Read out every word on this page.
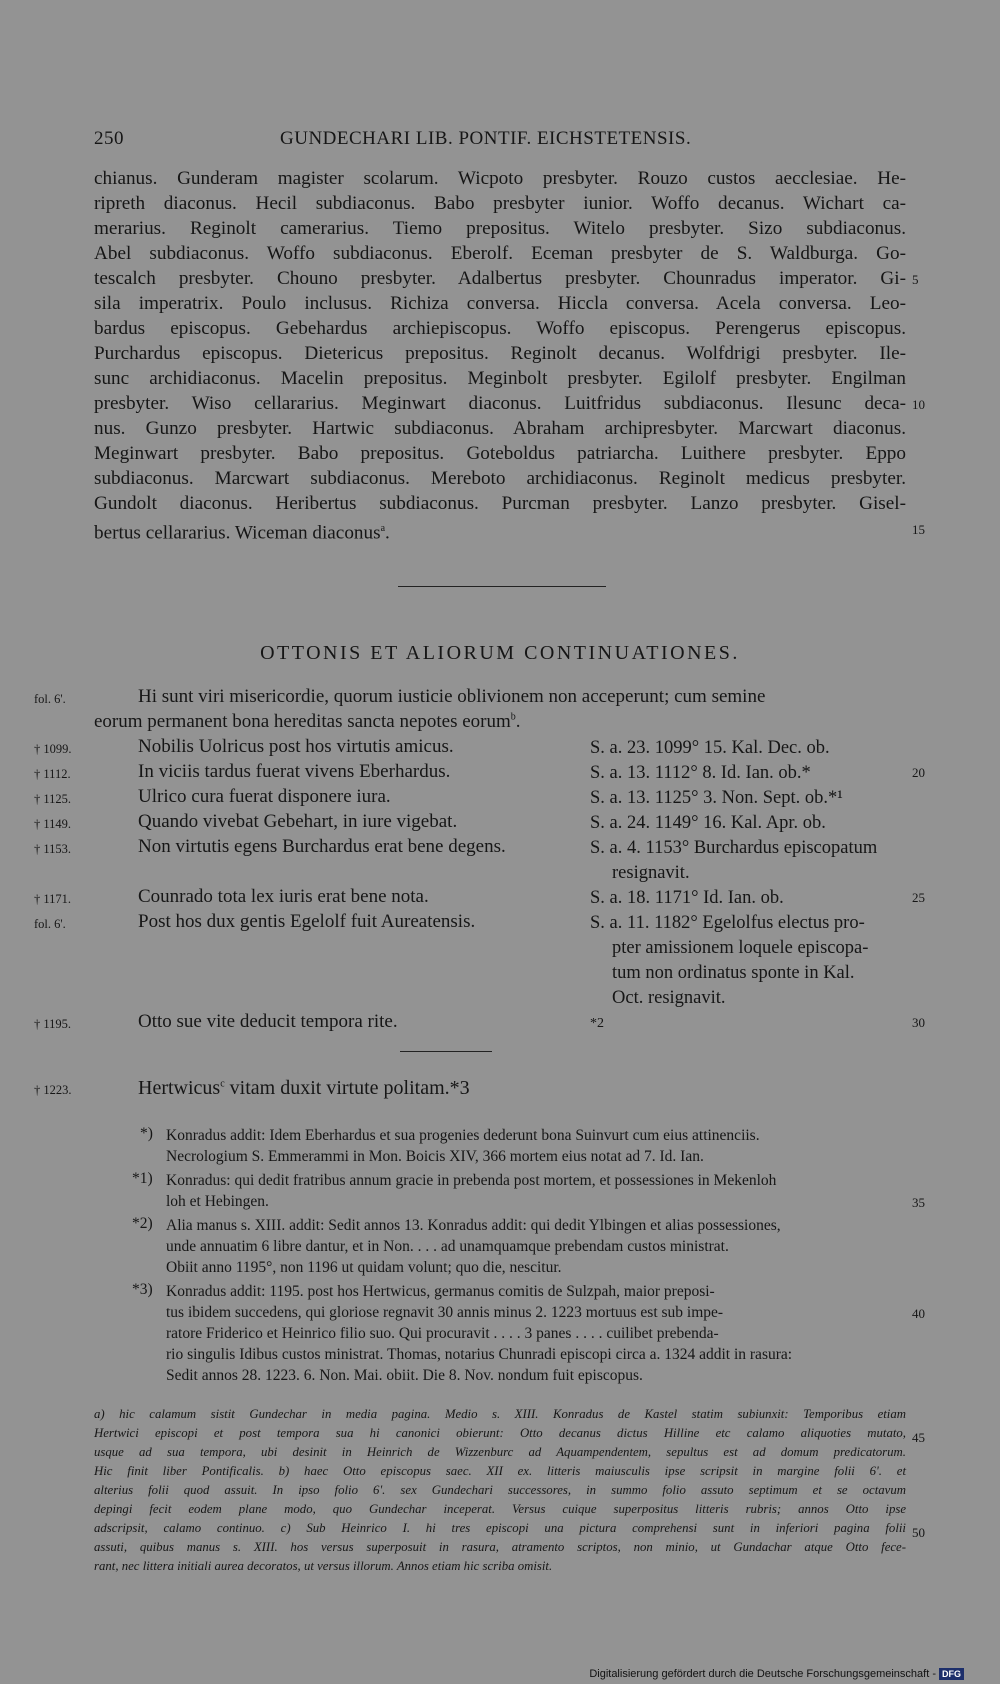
250	GUNDECHARI LIB. PONTIF. EICHSTETENSIS.
chianus. Gunderam magister scolarum. Wicpoto presbyter. Rouzo custos aecclesiae. He-
ripreth diaconus. Hecil subdiaconus. Babo presbyter iunior. Woffo decanus. Wichart ca-
merarius. Reginolt camerarius. Tiemo prepositus. Witelo presbyter. Sizo subdiaconus.
Abel subdiaconus. Woffo subdiaconus. Eberolf. Eceman presbyter de S. Waldburga. Go-
tescalch presbyter. Chouno presbyter. Adalbertus presbyter. Chounradus imperator. Gi-
sila imperatrix. Poulo inclusus. Richiza conversa. Hiccla conversa. Acela conversa. Leo-
bardus episcopus. Gebehardus archiepiscopus. Woffo episcopus. Perengerus episcopus.
Purchardus episcopus. Dietericus prepositus. Reginolt decanus. Wolfdrigi presbyter. Ile-
sunc archidiaconus. Macelin prepositus. Meginbolt presbyter. Egilolf presbyter. Engilman
presbyter. Wiso cellararius. Meginwart diaconus. Luitfridus subdiaconus. Ilesunc deca-
nus. Gunzo presbyter. Hartwic subdiaconus. Abraham archipresbyter. Marcwart diaconus.
Meginwart presbyter. Babo prepositus. Goteboldus patriarcha. Luithere presbyter. Eppo
subdiaconus. Marcwart subdiaconus. Mereboto archidiaconus. Reginolt medicus presbyter.
Gundolt diaconus. Heribertus subdiaconus. Purcman presbyter. Lanzo presbyter. Gisel-
bertus cellararius. Wiceman diaconus$^a$.
5
10
15
OTTONIS ET ALIORUM CONTINUATIONES.
fol. 6'.	Hi sunt viri misericordie, quorum iusticie oblivionem non acceperunt; cum semine
eorum permanent bona hereditas sancta nepotes eorum$^b$.
† 1099.	Nobilis Uolricus post hos virtutis amicus.	S. a. 23. 1099° 15. Kal. Dec. ob.
† 1112.	In viciis tardus fuerat vivens Eberhardus.	S. a. 13. 1112° 8. Id. Ian. ob.*
† 1125.	Ulrico cura fuerat disponere iura.	S. a. 13. 1125° 3. Non. Sept. ob.*¹
† 1149.	Quando vivebat Gebehart, in iure vigebat.	S. a. 24. 1149° 16. Kal. Apr. ob.
† 1153.	Non virtutis egens Burchardus erat bene degens.	S. a. 4. 1153° Burchardus episcopatum
resignavit.
† 1171.	Counrado tota lex iuris erat bene nota.	S. a. 18. 1171° Id. Ian. ob.
fol. 6'.	Post hos dux gentis Egelolf fuit Aureatensis.	S. a. 11. 1182° Egelolfus electus pro-
pter amissionem loquele episcopa-
tum non ordinatus sponte in Kal.
Oct. resignavit.
† 1195.	Otto sue vite deducit tempora rite.	*2
† 1223.	Hertwicus$^c$ vitam duxit virtute politam.*3
20
25
30
*) Konradus addit: Idem Eberhardus et sua progenies dederunt bona Suinvurt cum eius attinenciis.
Necrologium S. Emmerammi in Mon. Boicis XIV, 366 mortem eius notat ad 7. Id. Ian.
*1) Konradus: qui dedit fratribus annum gracie in prebenda post mortem, et possessiones in Mekenloh
loh et Hebingen.
*2) Alia manus s. XIII. addit: Sedit annos 13. Konradus addit: qui dedit Ylbingen et alias possessiones,
unde annuatim 6 libre dantur, et in Non. . . . ad unamquamque prebendam custos ministrat.
Obiit anno 1195°, non 1196 ut quidam volunt; quo die, nescitur.
*3) Konradus addit: 1195. post hos Hertwicus, germanus comitis de Sulzpah, maior preposi-
tus ibidem succedens, qui gloriose regnavit 30 annis minus 2. 1223 mortuus est sub impe-
ratore Friderico et Heinrico filio suo. Qui procuravit . . . . 3 panes . . . . cuilibet prebenda-
rio singulis Idibus custos ministrat. Thomas, notarius Chunradi episcopi circa a. 1324 addit in rasura:
Sedit annos 28. 1223. 6. Non. Mai. obiit. Die 8. Nov. nondum fuit episcopus.
35
40
a) hic calamum sistit Gundechar in media pagina. Medio s. XIII. Konradus de Kastel statim subiunxit: Temporibus etiam
Hertwici episcopi et post tempora sua hi canonici obierunt: Otto decanus dictus Hilline etc calamo aliquoties mutato,
usque ad sua tempora, ubi desinit in Heinrich de Wizzenburc ad Aquampendentem, sepultus est ad domum predicatorum.
Hic finit liber Pontificalis. b) haec Otto episcopus saec. XII ex. litteris maiusculis ipse scripsit in margine folii 6'. et
alterius folii quod assuit. In ipso folio 6'. sex Gundechari successores, in summo folio assuto septimum et se octavum
depingi fecit eodem plane modo, quo Gundechar inceperat. Versus cuique superpositus litteris rubris; annos Otto ipse
adscripsit, calamo continuo. c) Sub Heinrico I. hi tres episcopi una pictura comprehensi sunt in inferiori pagina folii
assuti, quibus manus s. XIII. hos versus superposuit in rasura, atramento scriptos, non minio, ut Gundachar atque Otto fece-
rant, nec littera initiali aurea decoratos, ut versus illorum. Annos etiam hic scriba omisit.
45
50
Digitalisierung gefördert durch die Deutsche Forschungsgemeinschaft - DFG
